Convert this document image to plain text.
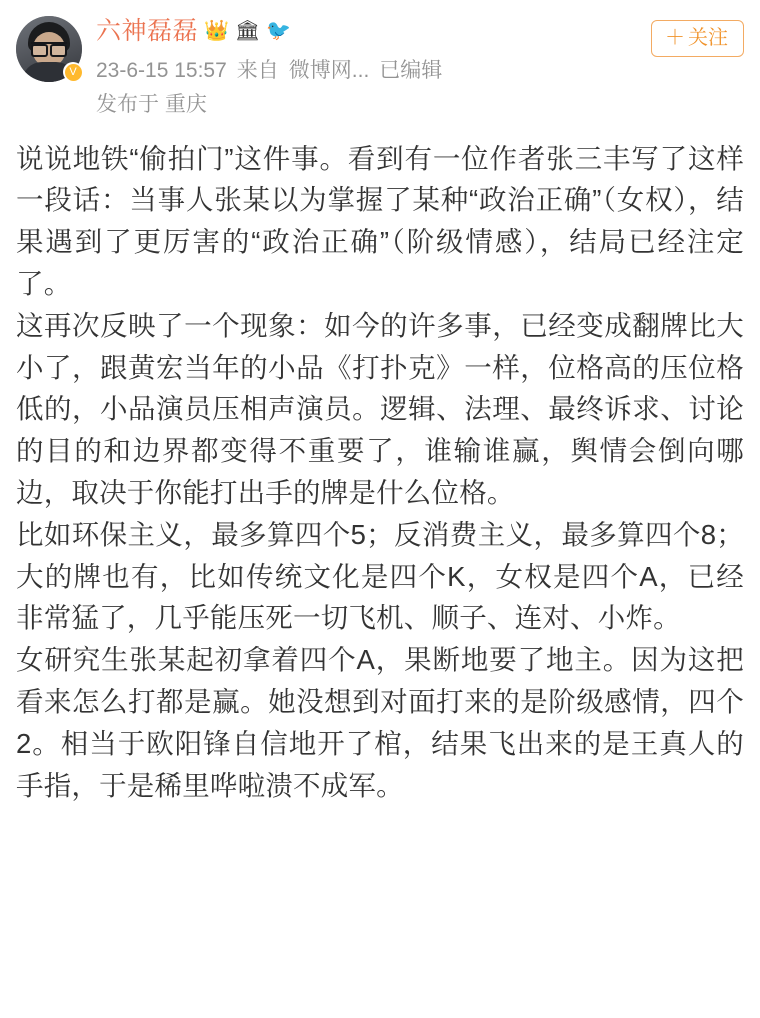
V
六神磊磊 👑 🏛 🐦
23-6-15 15:57 来自 微博网... 已编辑
发布于 重庆
＋ 关注

说说地铁“偷拍门”这件事。看到有一位作者张三丰写了这样一段话：当事人张某以为掌握了某种“政治正确”（女权），结果遇到了更厉害的“政治正确”（阶级情感），结局已经注定了。

这再次反映了一个现象：如今的许多事，已经变成翻牌比大小了，跟黄宏当年的小品《打扑克》一样，位格高的压位格低的，小品演员压相声演员。逻辑、法理、最终诉求、讨论的目的和边界都变得不重要了，谁输谁赢，舆情会倒向哪边，取决于你能打出手的牌是什么位格。

比如环保主义，最多算四个5；反消费主义，最多算四个8；大的牌也有，比如传统文化是四个K，女权是四个A，已经非常猛了，几乎能压死一切飞机、顺子、连对、小炸。

女研究生张某起初拿着四个A，果断地要了地主。因为这把看来怎么打都是赢。她没想到对面打来的是阶级感情，四个2。相当于欧阳锋自信地开了棺，结果飞出来的是王真人的手指，于是稀里哗啦溃不成军。
